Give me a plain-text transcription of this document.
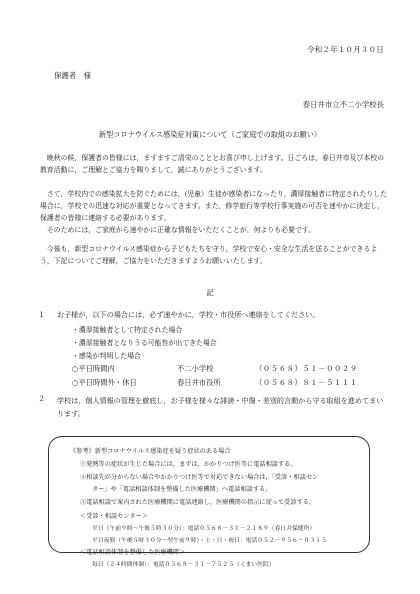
令和２年１０月３０日
保護者　様
春日井市立不二小学校長
新型コロナウイルス感染症対策について（ご家庭での取組のお願い）
　晩秋の候，保護者の皆様には，ますますご清栄のこととお喜び申し上げます。日ごろは，春日井市及び本校の教育活動に，ご理解とご協力を賜りまして，誠にありがとうございます。
　さて，学校内での感染拡大を防ぐためには，(児童）生徒が感染者になったり，濃厚接触者に特定されたりした場合に，学校での迅速な対応が重要となってきます。また，修学旅行等学校行事実施の可否を速やかに決定し，保護者の皆様に連絡する必要があります。
　そのためには，ご家庭から速やかに正確な情報をいただくことが，何よりも必要です。
　今後も，新型コロナウイルス感染症から子どもたちを守り，学校で安心・安全な生活を送ることができるよう，下記についてご理解，ご協力をいただきますようお願いいたします。
記
１ お子様が，以下の場合には，必ず速やかに，学校・市役所へ連絡をしてください。
・濃厚接触者として特定された場合
・濃厚接触者となりうる可能性が出てきた場合
・感染が判明した場合
○平日時間内	不二小学校	（０５６８）５１－００２９
○平日時間外・休日	春日井市役所	（０５６８）８１－５１１１
２ 学校は，個人情報の管理を徹底し，お子様を様々な誹謗・中傷・差別的言動から守る取組を進めてまいります。
《参考》新型コロナウイルス感染症を疑う症状のある場合
①発熱等の症状が生じた場合には，まずは，かかりつけ医等に電話相談する。
②相談先が分からない場合やかかりつけ医等で対応できない場合は，「受診・相談セン
ター」や「電話相談体制を整備した医療機関」へ電話相談する。
③電話相談で案内された医療機関に電話連絡し，医療機関の指示に従って受診する。
＜受診・相談センター＞
平日（午前９時～午後５時３０分）：電話０５６８－３１－２１８９（春日井保健所）
平日夜間（午後５時３０分～翌午前９時）・土・日・祝日：電話０５２－９５６－０３１５
＜電話相談体制を整備した医療機関＞
毎日（２４時間体制）：電話０５６８－３１－７５２５（くまい医院）
